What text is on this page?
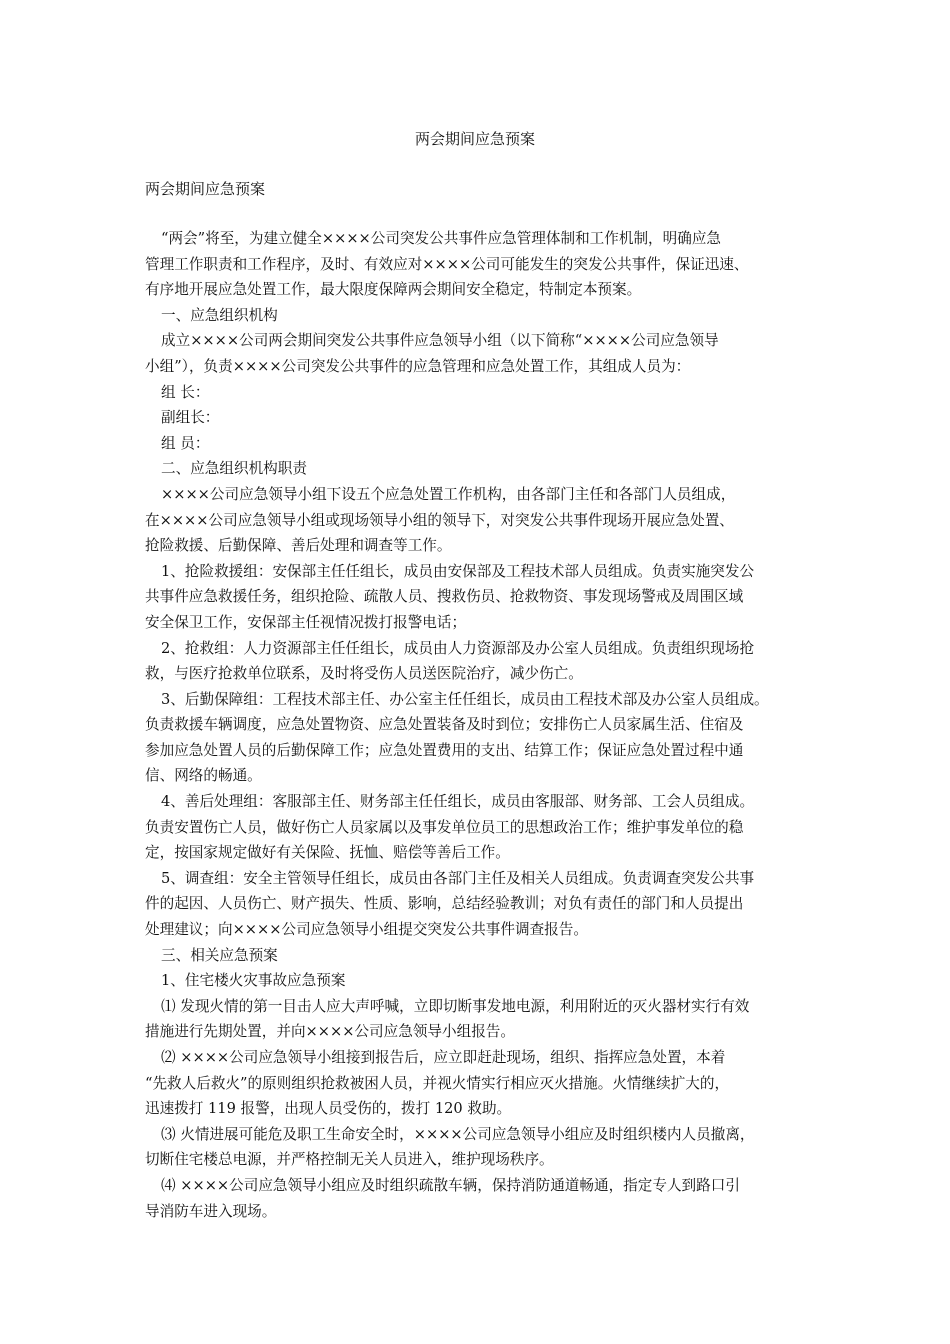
两会期间应急预案
两会期间应急预案
“两会”将至，为建立健全××××公司突发公共事件应急管理体制和工作机制，明确应急
管理工作职责和工作程序，及时、有效应对××××公司可能发生的突发公共事件，保证迅速、
有序地开展应急处置工作，最大限度保障两会期间安全稳定，特制定本预案。
一、应急组织机构
成立××××公司两会期间突发公共事件应急领导小组（以下简称“××××公司应急领导
小组”），负责××××公司突发公共事件的应急管理和应急处置工作，其组成人员为：
组 长：
副组长：
组 员：
二、应急组织机构职责
××××公司应急领导小组下设五个应急处置工作机构，由各部门主任和各部门人员组成，
在××××公司应急领导小组或现场领导小组的领导下，对突发公共事件现场开展应急处置、
抢险救援、后勤保障、善后处理和调查等工作。
1、抢险救援组：安保部主任任组长，成员由安保部及工程技术部人员组成。负责实施突发公
共事件应急救援任务，组织抢险、疏散人员、搜救伤员、抢救物资、事发现场警戒及周围区域
安全保卫工作，安保部主任视情况拨打报警电话；
2、抢救组：人力资源部主任任组长，成员由人力资源部及办公室人员组成。负责组织现场抢
救，与医疗抢救单位联系，及时将受伤人员送医院治疗，减少伤亡。
3、后勤保障组：工程技术部主任、办公室主任任组长，成员由工程技术部及办公室人员组成。
负责救援车辆调度，应急处置物资、应急处置装备及时到位；安排伤亡人员家属生活、住宿及
参加应急处置人员的后勤保障工作；应急处置费用的支出、结算工作；保证应急处置过程中通
信、网络的畅通。
4、善后处理组：客服部主任、财务部主任任组长，成员由客服部、财务部、工会人员组成。
负责安置伤亡人员，做好伤亡人员家属以及事发单位员工的思想政治工作；维护事发单位的稳
定，按国家规定做好有关保险、抚恤、赔偿等善后工作。
5、调查组：安全主管领导任组长，成员由各部门主任及相关人员组成。负责调查突发公共事
件的起因、人员伤亡、财产损失、性质、影响，总结经验教训；对负有责任的部门和人员提出
处理建议；向××××公司应急领导小组提交突发公共事件调查报告。
三、相关应急预案
1、住宅楼火灾事故应急预案
⑴ 发现火情的第一目击人应大声呼喊，立即切断事发地电源，利用附近的灭火器材实行有效
措施进行先期处置，并向××××公司应急领导小组报告。
⑵ ××××公司应急领导小组接到报告后，应立即赶赴现场，组织、指挥应急处置，本着
“先救人后救火”的原则组织抢救被困人员，并视火情实行相应灭火措施。火情继续扩大的，
迅速拨打 119 报警，出现人员受伤的，拨打 120 救助。
⑶ 火情进展可能危及职工生命安全时，××××公司应急领导小组应及时组织楼内人员撤离，
切断住宅楼总电源，并严格控制无关人员进入，维护现场秩序。
⑷ ××××公司应急领导小组应及时组织疏散车辆，保持消防通道畅通，指定专人到路口引
导消防车进入现场。
